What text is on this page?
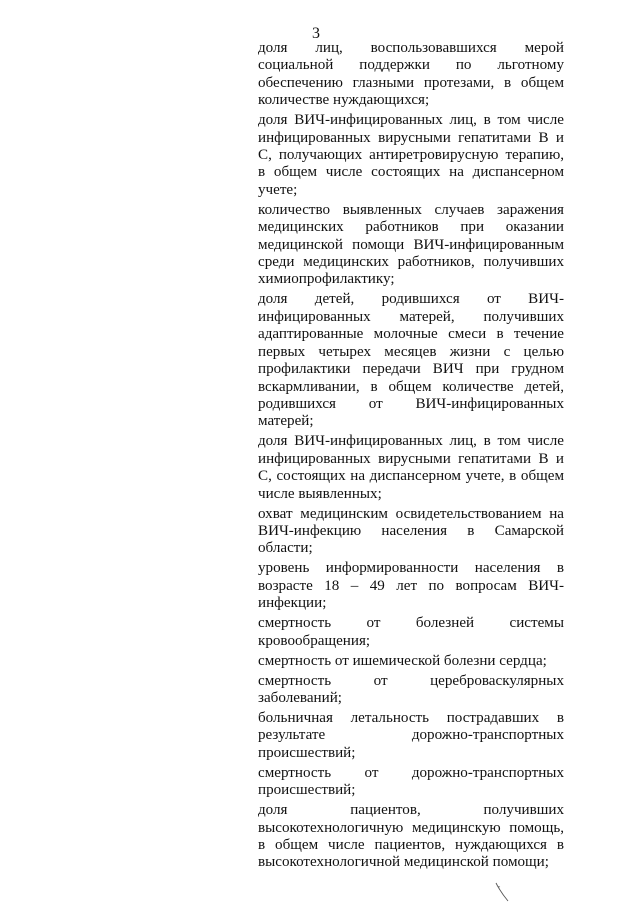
3

доля лиц, воспользовавшихся мерой социальной поддержки по льготному обеспечению глазными протезами, в общем количестве нуждающихся;

доля ВИЧ-инфицированных лиц, в том числе инфицированных вирусными гепатитами В и С, получающих антиретровирусную терапию, в общем числе состоящих на диспансерном учете;

количество выявленных случаев заражения медицинских работников при оказании медицинской помощи ВИЧ-инфицированным среди медицинских работников, получивших химиопрофилактику;

доля детей, родившихся от ВИЧ-инфицированных матерей, получивших адаптированные молочные смеси в течение первых четырех месяцев жизни с целью профилактики передачи ВИЧ при грудном вскармливании, в общем количестве детей, родившихся от ВИЧ-инфицированных матерей;

доля ВИЧ-инфицированных лиц, в том числе инфицированных вирусными гепатитами В и С, состоящих на диспансерном учете, в общем числе выявленных;

охват медицинским освидетельствованием на ВИЧ-инфекцию населения в Самарской области;

уровень информированности населения в возрасте 18 – 49 лет по вопросам ВИЧ-инфекции;

смертность от болезней системы кровообращения;

смертность от ишемической болезни сердца;

смертность от цереброваскулярных заболеваний;

больничная летальность пострадавших в результате дорожно-транспортных происшествий;

смертность от дорожно-транспортных происшествий;

доля пациентов, получивших высокотехнологичную медицинскую помощь, в общем числе пациентов, нуждающихся в высокотехнологичной медицинской помощи;
